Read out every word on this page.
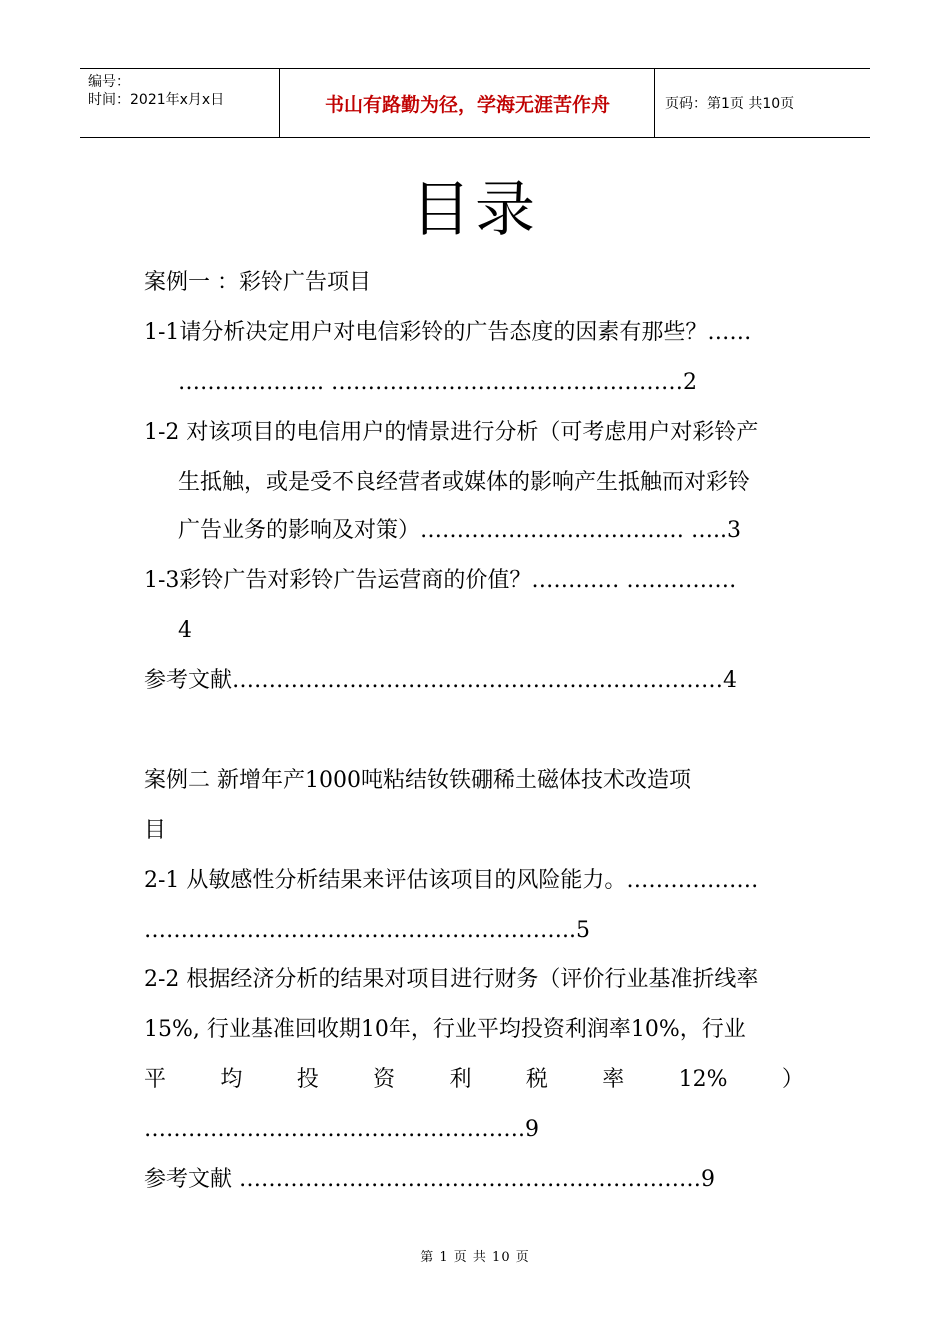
编号：
时间：2021年x月x日	书山有路勤为径，学海无涯苦作舟	页码：第1页 共10页
目录
案例一 ：彩铃广告项目
1-1请分析决定用户对电信彩铃的广告态度的因素有那些？……
……………….. …………………………………………2
1-2 对该项目的电信用户的情景进行分析（可考虑用户对彩铃产
生抵触，或是受不良经营者或媒体的影响产生抵触而对彩铃
广告业务的影响及对策）……………………………… …..3
1-3彩铃广告对彩铃广告运营商的价值？………… ……………
4
参考文献…………………………………………….……………4
案例二 新增年产1000吨粘结钕铁硼稀土磁体技术改造项
目
2-1 从敏感性分析结果来评估该项目的风险能力。………………
…………………………………………………..5
2-2 根据经济分析的结果对项目进行财务（评价行业基准折线率
15%, 行业基准回收期10年，行业平均投资利润率10%，行业
平 均 投 资 利 税 率 12% ）
…………………………………………….9
参考文献 ………………………………………………………9
第 1 页 共 10 页
